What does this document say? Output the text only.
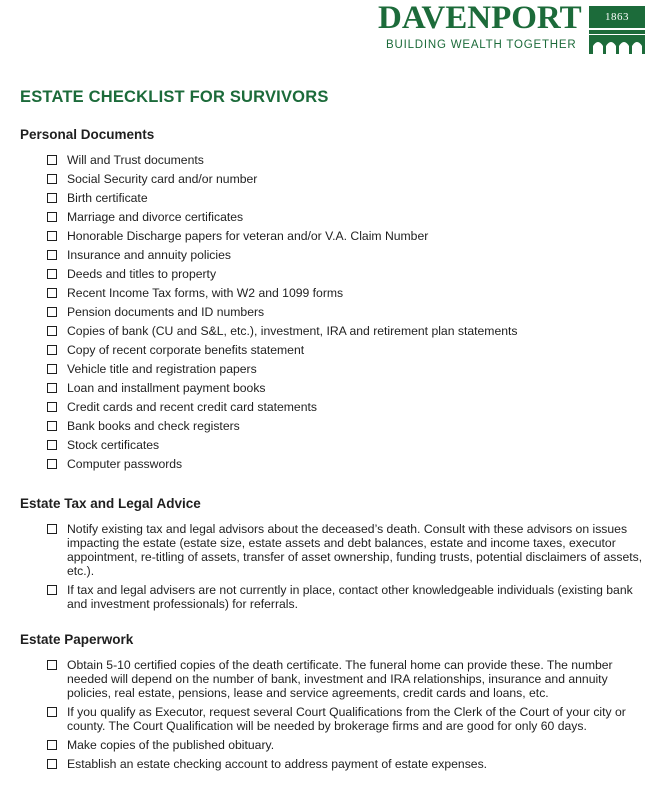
DAVENPORT
BUILDING WEALTH TOGETHER
1863
ESTATE CHECKLIST FOR SURVIVORS
Personal Documents
Will and Trust documents
Social Security card and/or number
Birth certificate
Marriage and divorce certificates
Honorable Discharge papers for veteran and/or V.A. Claim Number
Insurance and annuity policies
Deeds and titles to property
Recent Income Tax forms, with W2 and 1099 forms
Pension documents and ID numbers
Copies of bank (CU and S&L, etc.), investment, IRA and retirement plan statements
Copy of recent corporate benefits statement
Vehicle title and registration papers
Loan and installment payment books
Credit cards and recent credit card statements
Bank books and check registers
Stock certificates
Computer passwords
Estate Tax and Legal Advice
Notify existing tax and legal advisors about the deceased’s death. Consult with these advisors on issues impacting the estate (estate size, estate assets and debt balances, estate and income taxes, executor appointment, re-titling of assets, transfer of asset ownership, funding trusts, potential disclaimers of assets, etc.).
If tax and legal advisers are not currently in place, contact other knowledgeable individuals (existing bank and investment professionals) for referrals.
Estate Paperwork
Obtain 5-10 certified copies of the death certificate. The funeral home can provide these. The number needed will depend on the number of bank, investment and IRA relationships, insurance and annuity policies, real estate, pensions, lease and service agreements, credit cards and loans, etc.
If you qualify as Executor, request several Court Qualifications from the Clerk of the Court of your city or county. The Court Qualification will be needed by brokerage firms and are good for only 60 days.
Make copies of the published obituary.
Establish an estate checking account to address payment of estate expenses.
